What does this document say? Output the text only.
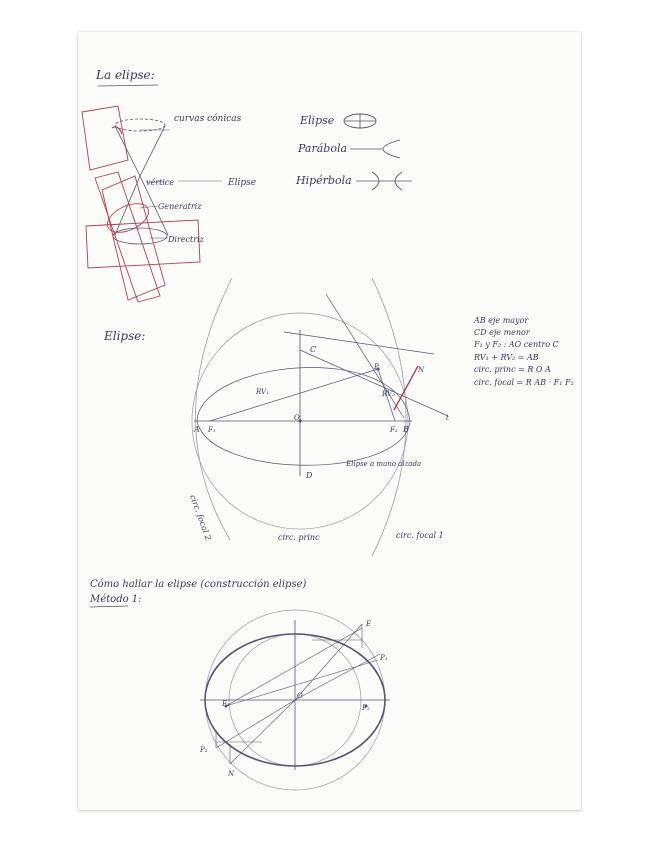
La elipse:
curvas cónicas
vértice	Elipse
Generatriz
Directriz
Elipse
Parábola
Hipérbola
Elipse:
A F₁	B
F₂
C
D
O
P	N
t
RV₁	RV₂
Elipse a mano alzada
circ. focal 2	circ. princ	circ. focal 1
AB eje mayor
CD eje menor
F₁ y F₂ : AO centro C
RV₁ + RV₂ = AB
circ. princ = R O A
circ. focal = R AB · F₁ F₂
Cómo hallar la elipse (construcción elipse)
Método 1:
E
P₁
F₁	F₂
O
P₂
N
